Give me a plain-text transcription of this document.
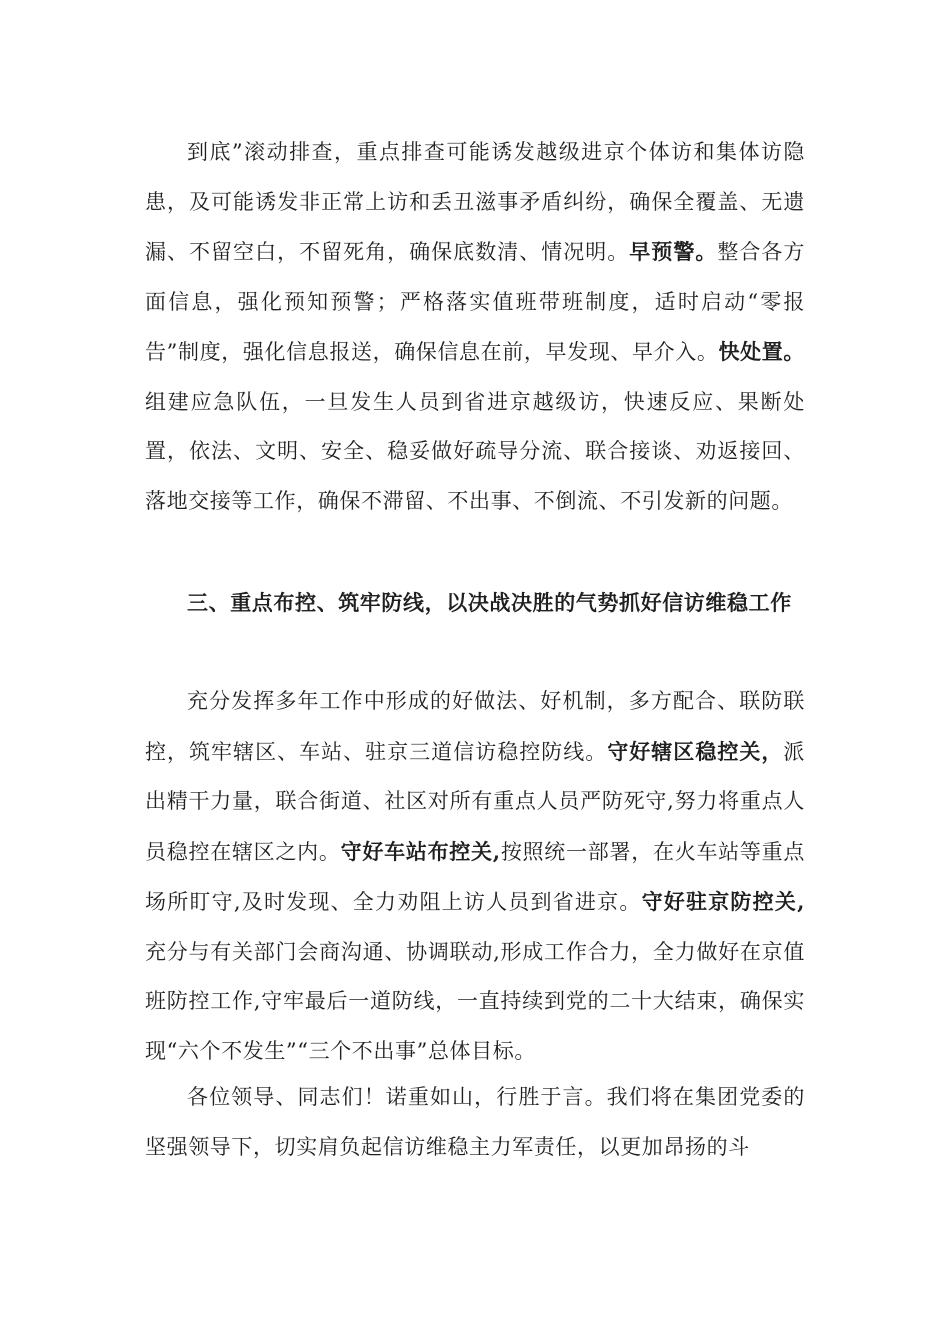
到底”滚动排查，重点排查可能诱发越级进京个体访和集体访隐患，及可能诱发非正常上访和丢丑滋事矛盾纠纷，确保全覆盖、无遗漏、不留空白，不留死角，确保底数清、情况明。早预警。整合各方面信息，强化预知预警；严格落实值班带班制度，适时启动“零报告”制度，强化信息报送，确保信息在前，早发现、早介入。快处置。组建应急队伍，一旦发生人员到省进京越级访，快速反应、果断处置，依法、文明、安全、稳妥做好疏导分流、联合接谈、劝返接回、落地交接等工作，确保不滞留、不出事、不倒流、不引发新的问题。

三、重点布控、筑牢防线，以决战决胜的气势抓好信访维稳工作

充分发挥多年工作中形成的好做法、好机制，多方配合、联防联控，筑牢辖区、车站、驻京三道信访稳控防线。守好辖区稳控关，派出精干力量，联合街道、社区对所有重点人员严防死守,努力将重点人员稳控在辖区之内。守好车站布控关,按照统一部署，在火车站等重点场所盯守,及时发现、全力劝阻上访人员到省进京。守好驻京防控关,充分与有关部门会商沟通、协调联动,形成工作合力，全力做好在京值班防控工作,守牢最后一道防线，一直持续到党的二十大结束，确保实现“六个不发生”“三个不出事”总体目标。

各位领导、同志们！诺重如山，行胜于言。我们将在集团党委的坚强领导下，切实肩负起信访维稳主力军责任，以更加昂扬的斗
